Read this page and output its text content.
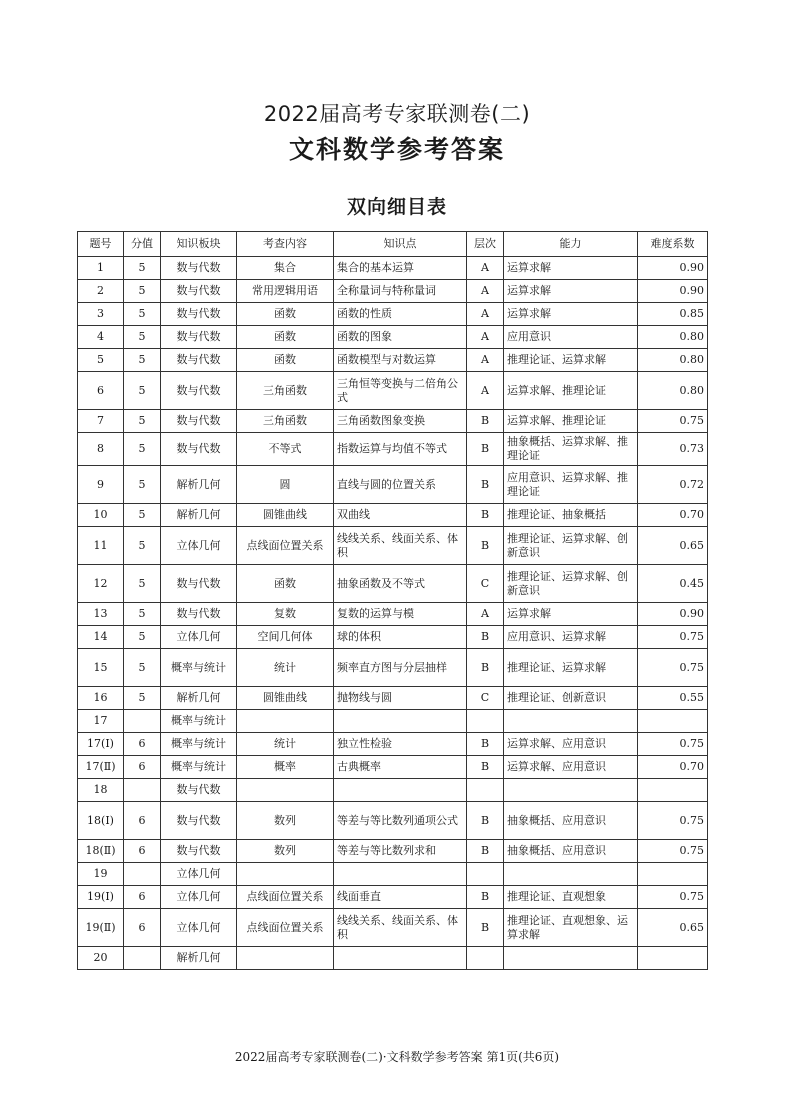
2022届高考专家联测卷(二)
文科数学参考答案
双向细目表
题号	分值	知识板块	考查内容	知识点	层次	能力	难度系数
1	5	数与代数	集合	集合的基本运算	A	运算求解	0.90
2	5	数与代数	常用逻辑用语	全称量词与特称量词	A	运算求解	0.90
3	5	数与代数	函数	函数的性质	A	运算求解	0.85
4	5	数与代数	函数	函数的图象	A	应用意识	0.80
5	5	数与代数	函数	函数模型与对数运算	A	推理论证、运算求解	0.80
6	5	数与代数	三角函数	三角恒等变换与二倍角公式	A	运算求解、推理论证	0.80
7	5	数与代数	三角函数	三角函数图象变换	B	运算求解、推理论证	0.75
8	5	数与代数	不等式	指数运算与均值不等式	B	抽象概括、运算求解、推理论证	0.73
9	5	解析几何	圆	直线与圆的位置关系	B	应用意识、运算求解、推理论证	0.72
10	5	解析几何	圆锥曲线	双曲线	B	推理论证、抽象概括	0.70
11	5	立体几何	点线面位置关系	线线关系、线面关系、体积	B	推理论证、运算求解、创新意识	0.65
12	5	数与代数	函数	抽象函数及不等式	C	推理论证、运算求解、创新意识	0.45
13	5	数与代数	复数	复数的运算与模	A	运算求解	0.90
14	5	立体几何	空间几何体	球的体积	B	应用意识、运算求解	0.75
15	5	概率与统计	统计	频率直方图与分层抽样	B	推理论证、运算求解	0.75
16	5	解析几何	圆锥曲线	抛物线与圆	C	推理论证、创新意识	0.55
17		概率与统计					
17(Ⅰ)	6	概率与统计	统计	独立性检验	B	运算求解、应用意识	0.75
17(Ⅱ)	6	概率与统计	概率	古典概率	B	运算求解、应用意识	0.70
18		数与代数					
18(Ⅰ)	6	数与代数	数列	等差与等比数列通项公式	B	抽象概括、应用意识	0.75
18(Ⅱ)	6	数与代数	数列	等差与等比数列求和	B	抽象概括、应用意识	0.75
19		立体几何					
19(Ⅰ)	6	立体几何	点线面位置关系	线面垂直	B	推理论证、直观想象	0.75
19(Ⅱ)	6	立体几何	点线面位置关系	线线关系、线面关系、体积	B	推理论证、直观想象、运算求解	0.65
20		解析几何					
2022届高考专家联测卷(二)·文科数学参考答案 第1页(共6页)
